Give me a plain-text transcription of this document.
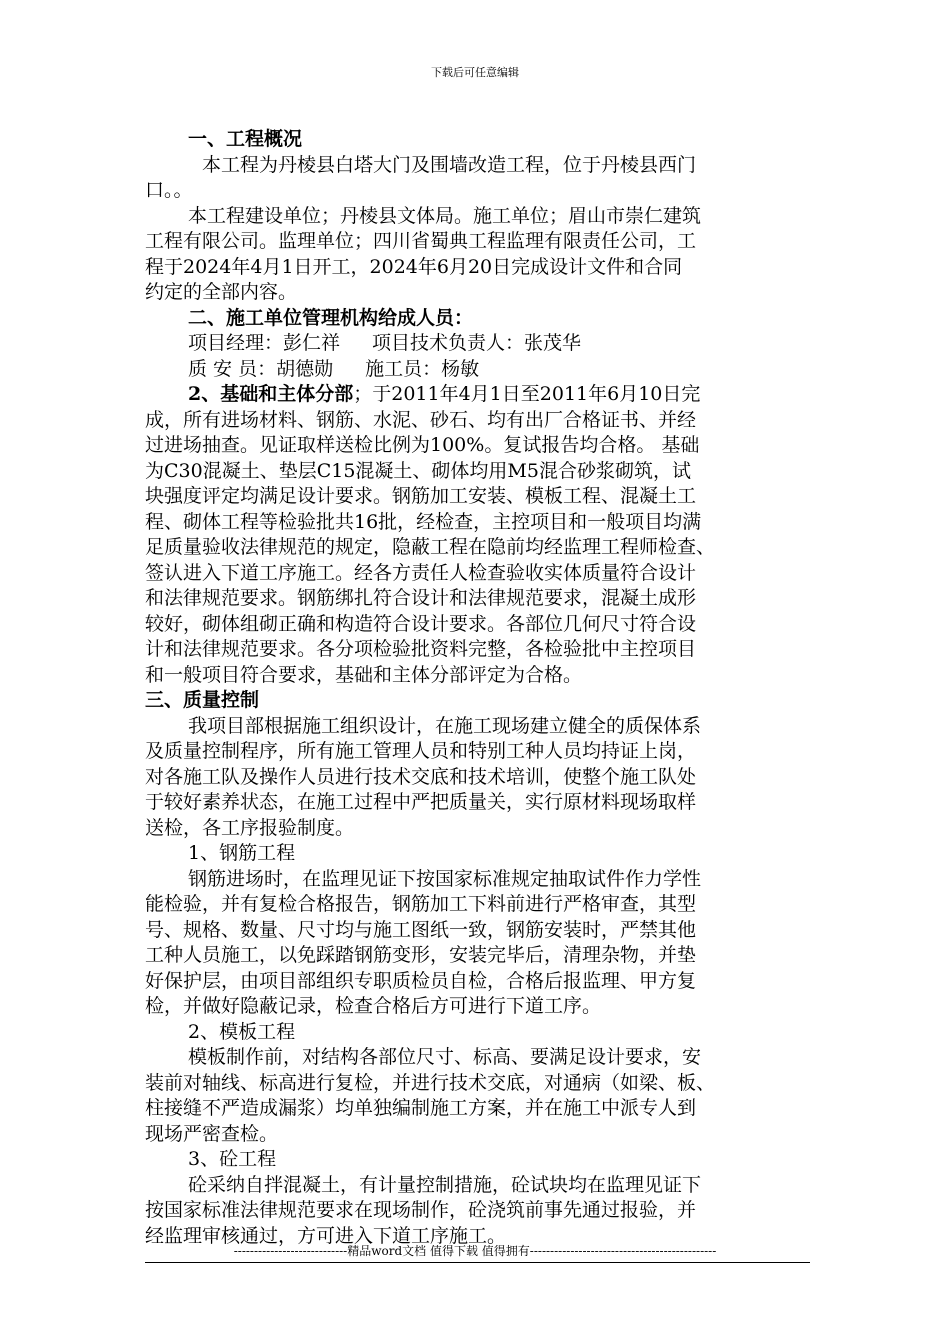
下载后可任意编辑

一、工程概况

本工程为丹棱县白塔大门及围墙改造工程，位于丹棱县西门

口。。

本工程建设单位；丹棱县文体局。施工单位；眉山市崇仁建筑

工程有限公司。监理单位；四川省蜀典工程监理有限责任公司，工

程于2024年4月1日开工，2024年6月20日完成设计文件和合同

约定的全部内容。

二、施工单位管理机构给成人员：

项目经理：彭仁祥 项目技术负责人：张茂华

质 安 员：胡德勋 施工员：杨敏

2、基础和主体分部；于2011年4月1日至2011年6月10日完

成，所有进场材料、钢筋、水泥、砂石、均有出厂合格证书、并经

过进场抽查。见证取样送检比例为100%。复试报告均合格。 基础

为C30混凝土、垫层C15混凝土、砌体均用M5混合砂浆砌筑，试

块强度评定均满足设计要求。钢筋加工安装、模板工程、混凝土工

程、砌体工程等检验批共16批，经检查，主控项目和一般项目均满

足质量验收法律规范的规定，隐蔽工程在隐前均经监理工程师检查、

签认进入下道工序施工。经各方责任人检查验收实体质量符合设计

和法律规范要求。钢筋绑扎符合设计和法律规范要求，混凝土成形

较好，砌体组砌正确和构造符合设计要求。各部位几何尺寸符合设

计和法律规范要求。各分项检验批资料完整，各检验批中主控项目

和一般项目符合要求，基础和主体分部评定为合格。

三、质量控制

我项目部根据施工组织设计，在施工现场建立健全的质保体系

及质量控制程序，所有施工管理人员和特别工种人员均持证上岗，

对各施工队及操作人员进行技术交底和技术培训，使整个施工队处

于较好素养状态，在施工过程中严把质量关，实行原材料现场取样

送检，各工序报验制度。

1、钢筋工程

钢筋进场时，在监理见证下按国家标准规定抽取试件作力学性

能检验，并有复检合格报告，钢筋加工下料前进行严格审查，其型

号、规格、数量、尺寸均与施工图纸一致，钢筋安装时，严禁其他

工种人员施工，以免踩踏钢筋变形，安装完毕后，清理杂物，并垫

好保护层，由项目部组织专职质检员自检，合格后报监理、甲方复

检，并做好隐蔽记录，检查合格后方可进行下道工序。

2、模板工程

模板制作前，对结构各部位尺寸、标高、要满足设计要求，安

装前对轴线、标高进行复检，并进行技术交底，对通病（如梁、板、

柱接缝不严造成漏浆）均单独编制施工方案，并在施工中派专人到

现场严密查检。

3、砼工程

砼采纳自拌混凝土，有计量控制措施，砼试块均在监理见证下

按国家标准法律规范要求在现场制作，砼浇筑前事先通过报验，并

经监理审核通过，方可进入下道工序施工。

----------------------------精品word文档 值得下载 值得拥有----------------------------------------------
